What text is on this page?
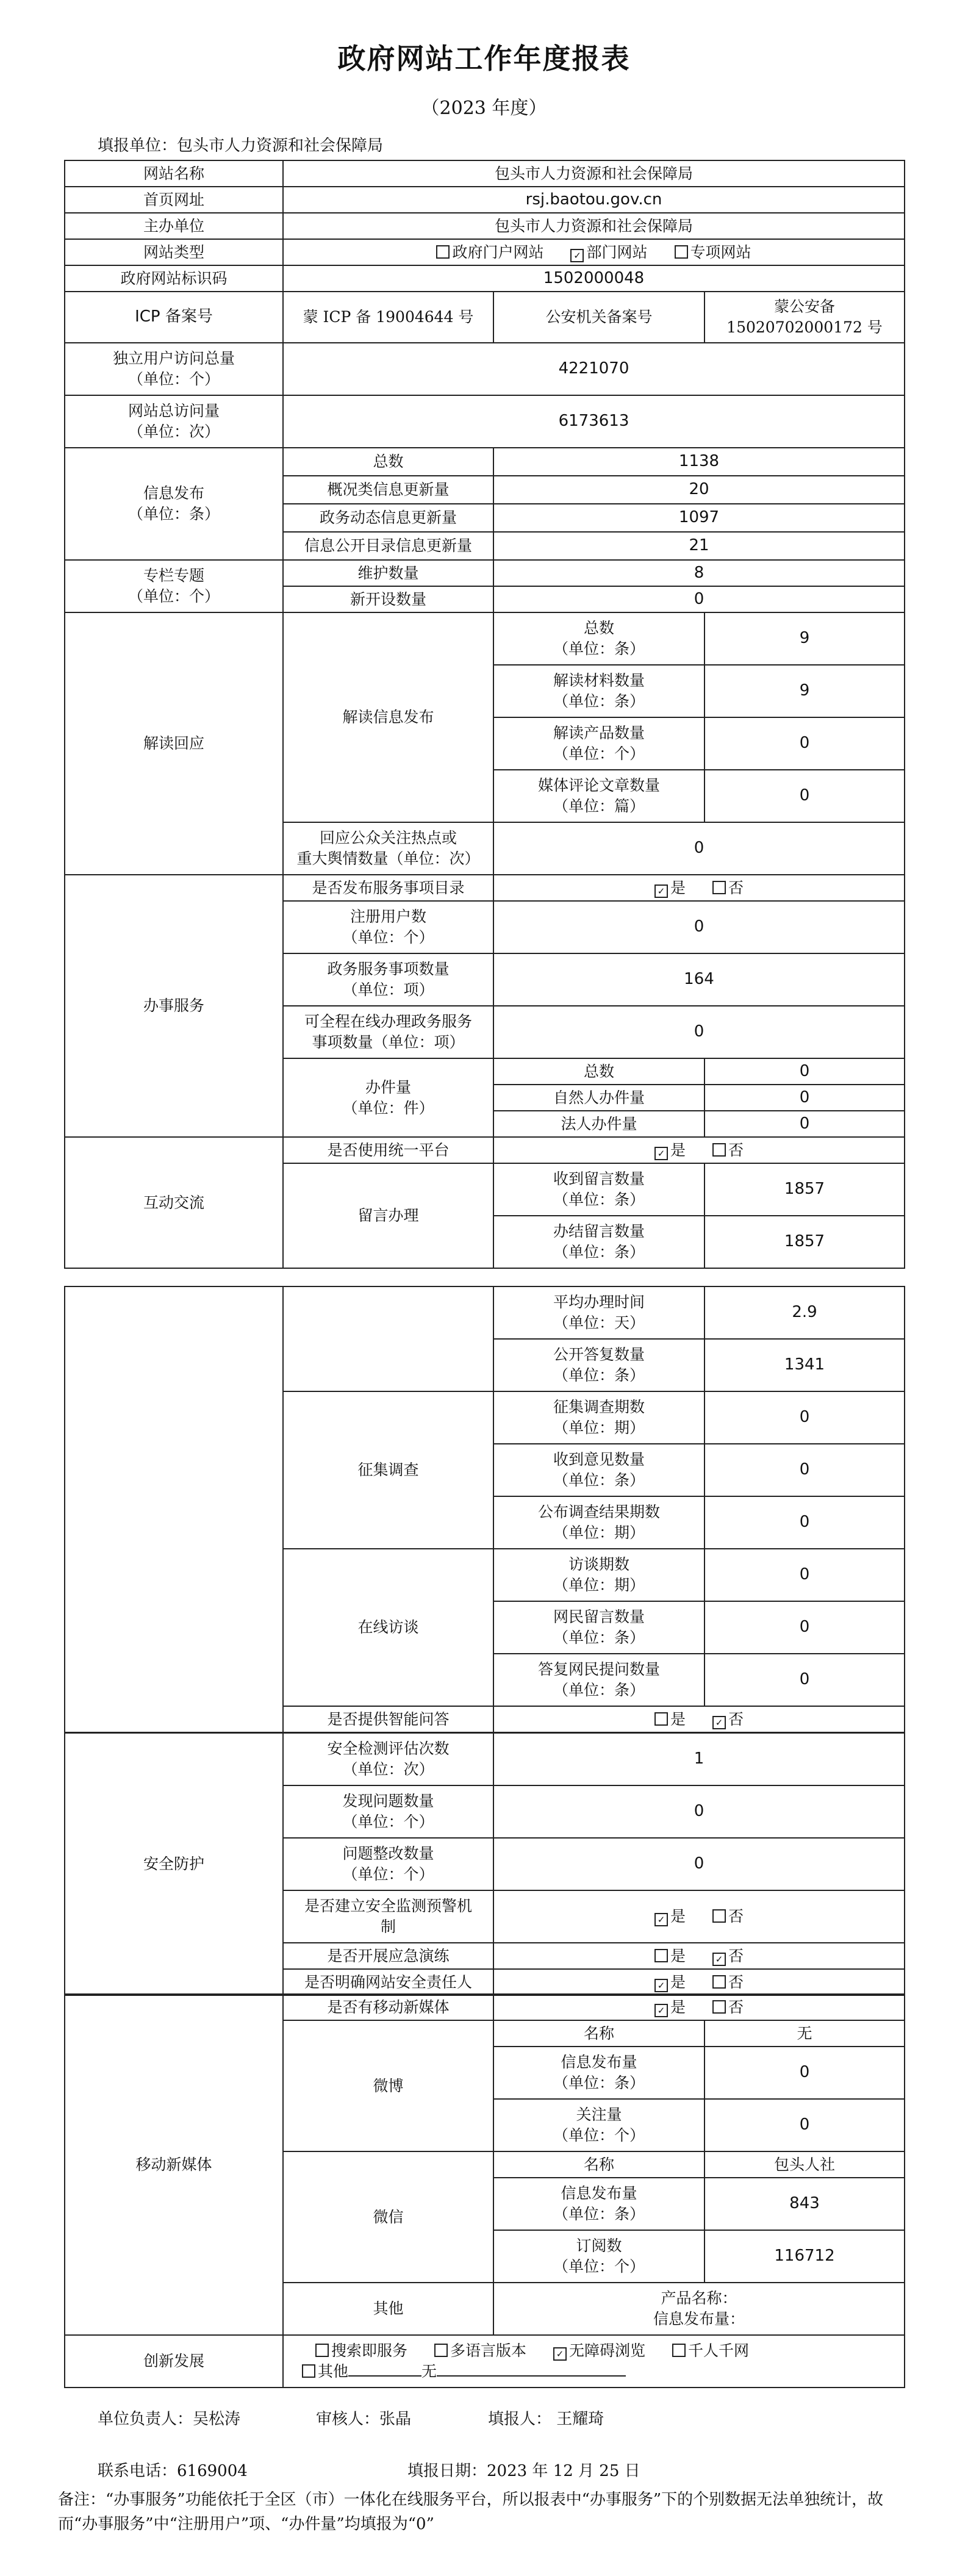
政府网站工作年度报表
（2023 年度）
填报单位：包头市人力资源和社会保障局
网站名称	包头市人力资源和社会保障局		
首页网址	rsj.baotou.gov.cn		
主办单位	包头市人力资源和社会保障局		
网站类型	政府门户网站 ✓ 部门网站 专项网站		
政府网站标识码	1502000048		
ICP 备案号	蒙 ICP 备 19004644 号	公安机关备案号	蒙公安备
15020702000172 号
独立用户访问总量
（单位：个）	4221070		
网站总访问量
（单位：次）	6173613		
信息发布
（单位：条）	总数	1138	
	概况类信息更新量	20	
	政务动态信息更新量	1097	
	信息公开目录信息更新量	21	
专栏专题
（单位：个）	维护数量	8	
	新开设数量	0	
解读回应	解读信息发布	总数
（单位：条）	9
		解读材料数量
（单位：条）	9
		解读产品数量
（单位：个）	0
		媒体评论文章数量
（单位：篇）	0
	回应公众关注热点或
重大舆情数量（单位：次）	0	
办事服务	是否发布服务事项目录	✓ 是 否	
	注册用户数
（单位：个）	0	
	政务服务事项数量
（单位：项）	164	
	可全程在线办理政务服务
事项数量（单位：项）	0	
	办件量
（单位：件）	总数	0
		自然人办件量	0
		法人办件量	0
互动交流	是否使用统一平台	✓ 是 否	
	留言办理	收到留言数量
（单位：条）	1857
		办结留言数量
（单位：条）	1857
		平均办理时间
（单位：天）	2.9
		公开答复数量
（单位：条）	1341
	征集调查	征集调查期数
（单位：期）	0
		收到意见数量
（单位：条）	0
		公布调查结果期数
（单位：期）	0
	在线访谈	访谈期数
（单位：期）	0
		网民留言数量
（单位：条）	0
		答复网民提问数量
（单位：条）	0
	是否提供智能问答	是 ✓ 否	
安全防护	安全检测评估次数
（单位：次）	1
	发现问题数量
（单位：个）	0
	问题整改数量
（单位：个）	0
	是否建立安全监测预警机
制	✓ 是 否
	是否开展应急演练	是 ✓ 否
	是否明确网站安全责任人	✓ 是 否
移动新媒体	是否有移动新媒体	✓ 是 否	
	微博	名称	无
		信息发布量
（单位：条）	0
		关注量
（单位：个）	0
	微信	名称	包头人社
		信息发布量
（单位：条）	843
		订阅数
（单位：个）	116712
	其他	产品名称：
信息发布量：	

创新发展	搜索即服务 多语言版本 ✓ 无障碍浏览 千人千网
其他 无		
单位负责人：吴松涛	审核人：张晶	填报人： 王耀琦
联系电话：6169004	填报日期：2023 年 12 月 25 日
备注：“办事服务”功能依托于全区（市）一体化在线服务平台，所以报表中“办事服务”下的个别数据无法单独统计，故而“办事服务”中“注册用户”项、“办件量”均填报为“0”
